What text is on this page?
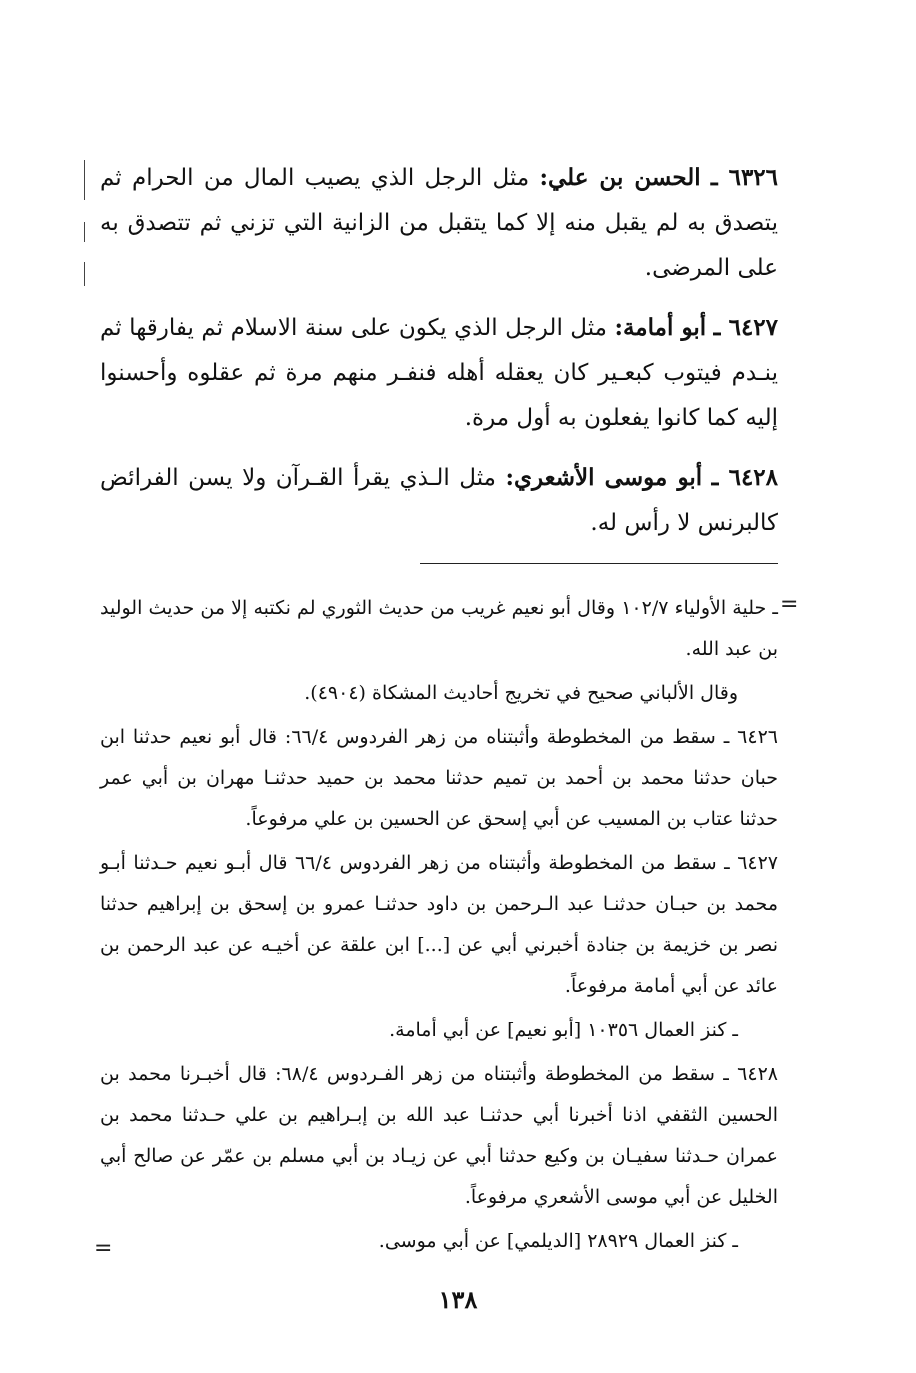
٦٣٢٦ ـ الحسن بن علي: مثل الرجل الذي يصيب المال من الحرام ثم يتصدق به لم يقبل منه إلا كما يتقبل من الزانية التي تزني ثم تتصدق به على المرضى.

٦٤٢٧ ـ أبو أمامة: مثل الرجل الذي يكون على سنة الاسلام ثم يفارقها ثم ينـدم فيتوب كبعـير كان يعقله أهله فنفـر منهم مرة ثم عقلوه وأحسنوا إليه كما كانوا يفعلون به أول مرة.

٦٤٢٨ ـ أبو موسى الأشعري: مثل الـذي يقرأ القـرآن ولا يسن الفرائض كالبرنس لا رأس له.

=

ـ حلية الأولياء ١٠٢/٧ وقال أبو نعيم غريب من حديث الثوري لم نكتبه إلا من حديث الوليد بن عبد الله.

وقال الألباني صحيح في تخريج أحاديث المشكاة (٤٩٠٤).

٦٤٢٦ ـ سقط من المخطوطة وأثبتناه من زهر الفردوس ٦٦/٤: قال أبو نعيم حدثنا ابن حبان حدثنا محمد بن أحمد بن تميم حدثنا محمد بن حميد حدثنـا مهران بن أبي عمر حدثنا عتاب بن المسيب عن أبي إسحق عن الحسين بن علي مرفوعاً.

٦٤٢٧ ـ سقط من المخطوطة وأثبتناه من زهر الفردوس ٦٦/٤ قال أبـو نعيم حـدثنا أبـو محمد بن حبـان حدثنـا عبد الـرحمن بن داود حدثنـا عمرو بن إسحق بن إبراهيم حدثنا نصر بن خزيمة بن جنادة أخبرني أبي عن [...] ابن علقة عن أخيـه عن عبد الرحمن بن عائد عن أبي أمامة مرفوعاً.

ـ كنز العمال ١٠٣٥٦ [أبو نعيم] عن أبي أمامة.

٦٤٢٨ ـ سقط من المخطوطة وأثبتناه من زهر الفـردوس ٦٨/٤: قال أخبـرنا محمد بن الحسين الثقفي اذنا أخبرنا أبي حدثنـا عبد الله بن إبـراهيم بن علي حـدثنا محمد بن عمران حـدثنا سفيـان بن وكيع حدثنا أبي عن زيـاد بن أبي مسلم بن عمّر عن صالح أبي الخليل عن أبي موسى الأشعري مرفوعاً.

ـ كنز العمال ٢٨٩٢٩ [الديلمي] عن أبي موسى.

=
١٣٨
